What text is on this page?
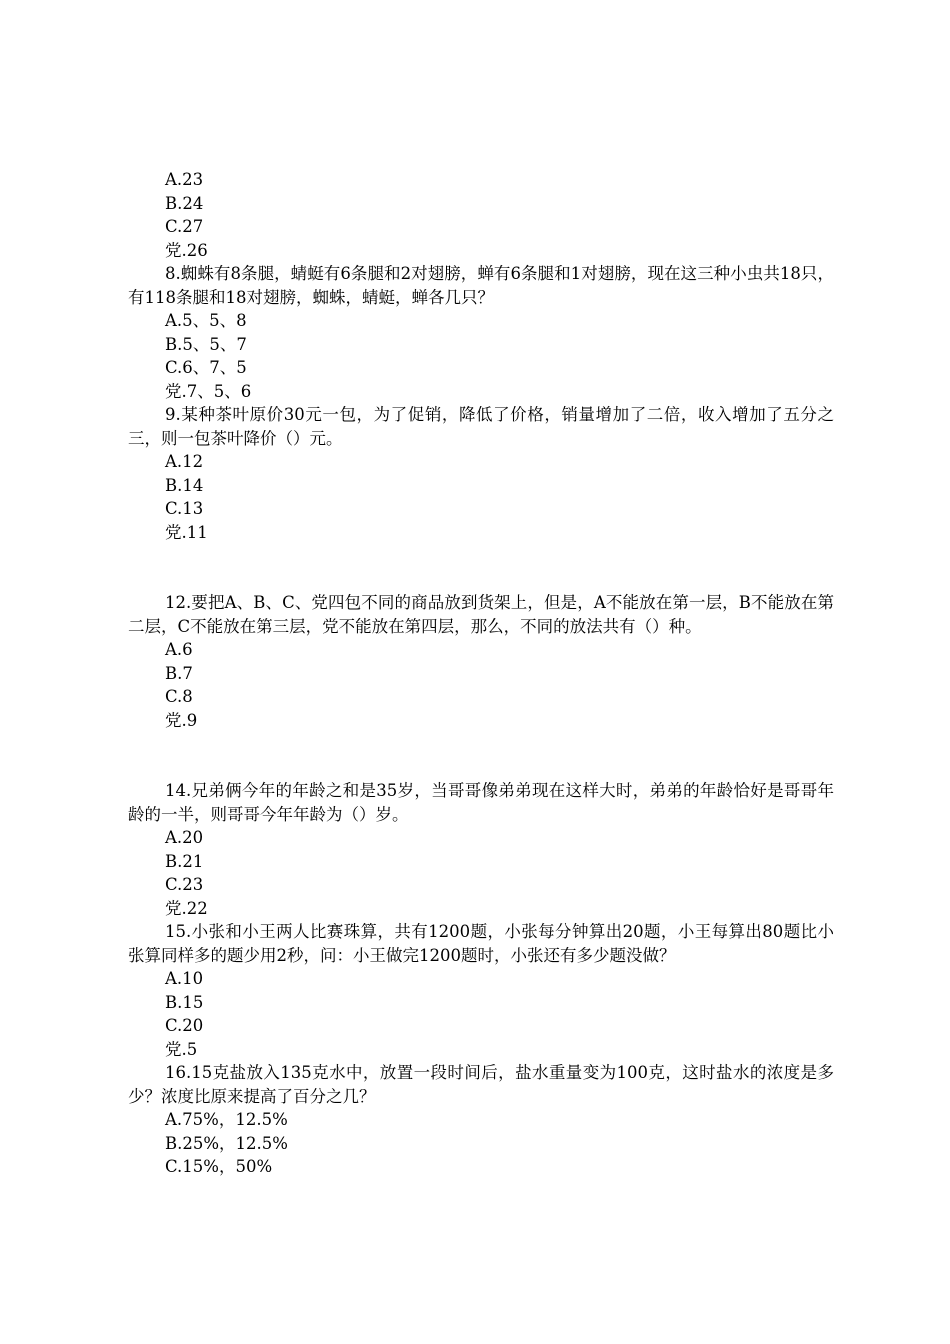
A.23
B.24
C.27
党.26
8.蜘蛛有8条腿，蜻蜓有6条腿和2对翅膀，蝉有6条腿和1对翅膀，现在这三种小虫共18只，有118条腿和18对翅膀，蜘蛛，蜻蜓，蝉各几只？
A.5、5、8
B.5、5、7
C.6、7、5
党.7、5、6
9.某种茶叶原价30元一包，为了促销，降低了价格，销量增加了二倍，收入增加了五分之三，则一包茶叶降价（）元。
A.12
B.14
C.13
党.11
12.要把A、B、C、党四包不同的商品放到货架上，但是，A不能放在第一层，B不能放在第二层，C不能放在第三层，党不能放在第四层，那么，不同的放法共有（）种。
A.6
B.7
C.8
党.9
14.兄弟俩今年的年龄之和是35岁，当哥哥像弟弟现在这样大时，弟弟的年龄恰好是哥哥年龄的一半，则哥哥今年年龄为（）岁。
A.20
B.21
C.23
党.22
15.小张和小王两人比赛珠算，共有1200题，小张每分钟算出20题，小王每算出80题比小张算同样多的题少用2秒，问：小王做完1200题时，小张还有多少题没做？
A.10
B.15
C.20
党.5
16.15克盐放入135克水中，放置一段时间后，盐水重量变为100克，这时盐水的浓度是多少？浓度比原来提高了百分之几？
A.75%，12.5%
B.25%，12.5%
C.15%，50%
